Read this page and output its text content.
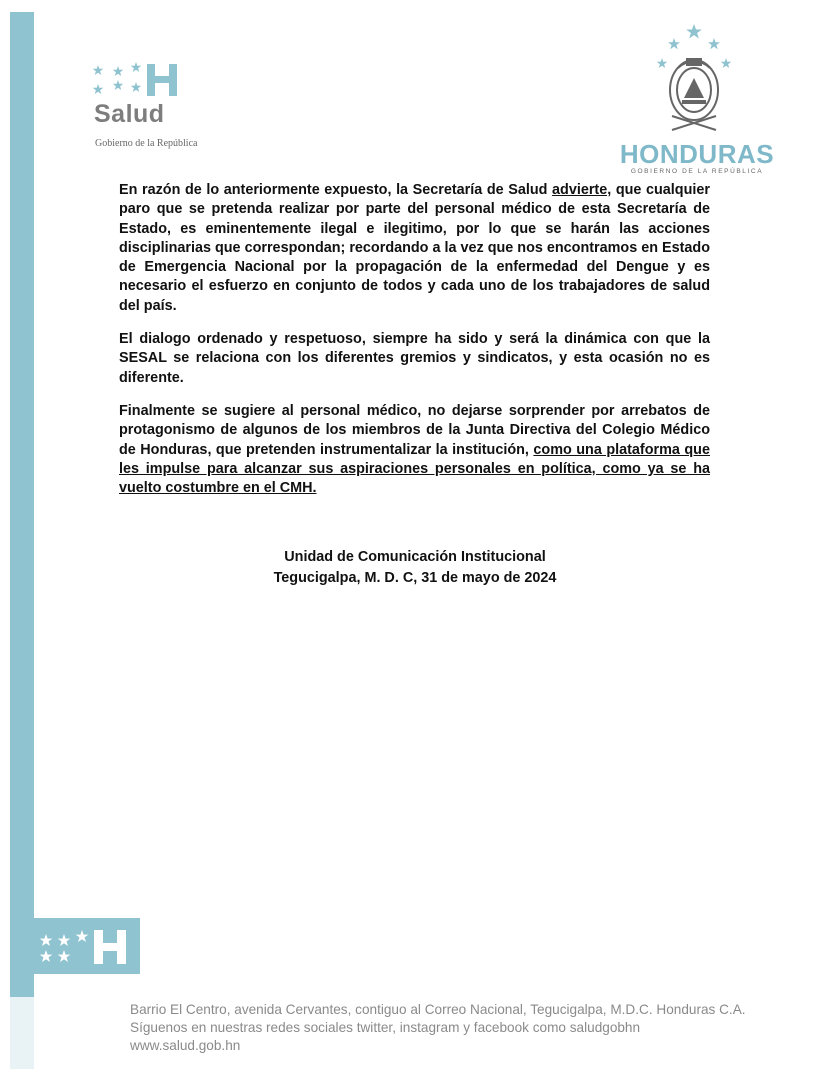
Salud
Gobierno de la República	HONDURAS
GOBIERNO DE LA REPÚBLICA

En razón de lo anteriormente expuesto, la Secretaría de Salud advierte, que cualquier paro que se pretenda realizar por parte del personal médico de esta Secretaría de Estado, es eminentemente ilegal e ilegitimo, por lo que se harán las acciones disciplinarias que correspondan; recordando a la vez que nos encontramos en Estado de Emergencia Nacional por la propagación de la enfermedad del Dengue y es necesario el esfuerzo en conjunto de todos y cada uno de los trabajadores de salud del país.

El dialogo ordenado y respetuoso, siempre ha sido y será la dinámica con que la SESAL se relaciona con los diferentes gremios y sindicatos, y esta ocasión no es diferente.

Finalmente se sugiere al personal médico, no dejarse sorprender por arrebatos de protagonismo de algunos de los miembros de la Junta Directiva del Colegio Médico de Honduras, que pretenden instrumentalizar la institución, como una plataforma que les impulse para alcanzar sus aspiraciones personales en política, como ya se ha vuelto costumbre en el CMH.

Unidad de Comunicación Institucional
Tegucigalpa, M. D. C, 31 de mayo de 2024
Barrio El Centro, avenida Cervantes, contiguo al Correo Nacional, Tegucigalpa, M.D.C. Honduras C.A.
Síguenos en nuestras redes sociales twitter, instagram y facebook como saludgobhn
www.salud.gob.hn
